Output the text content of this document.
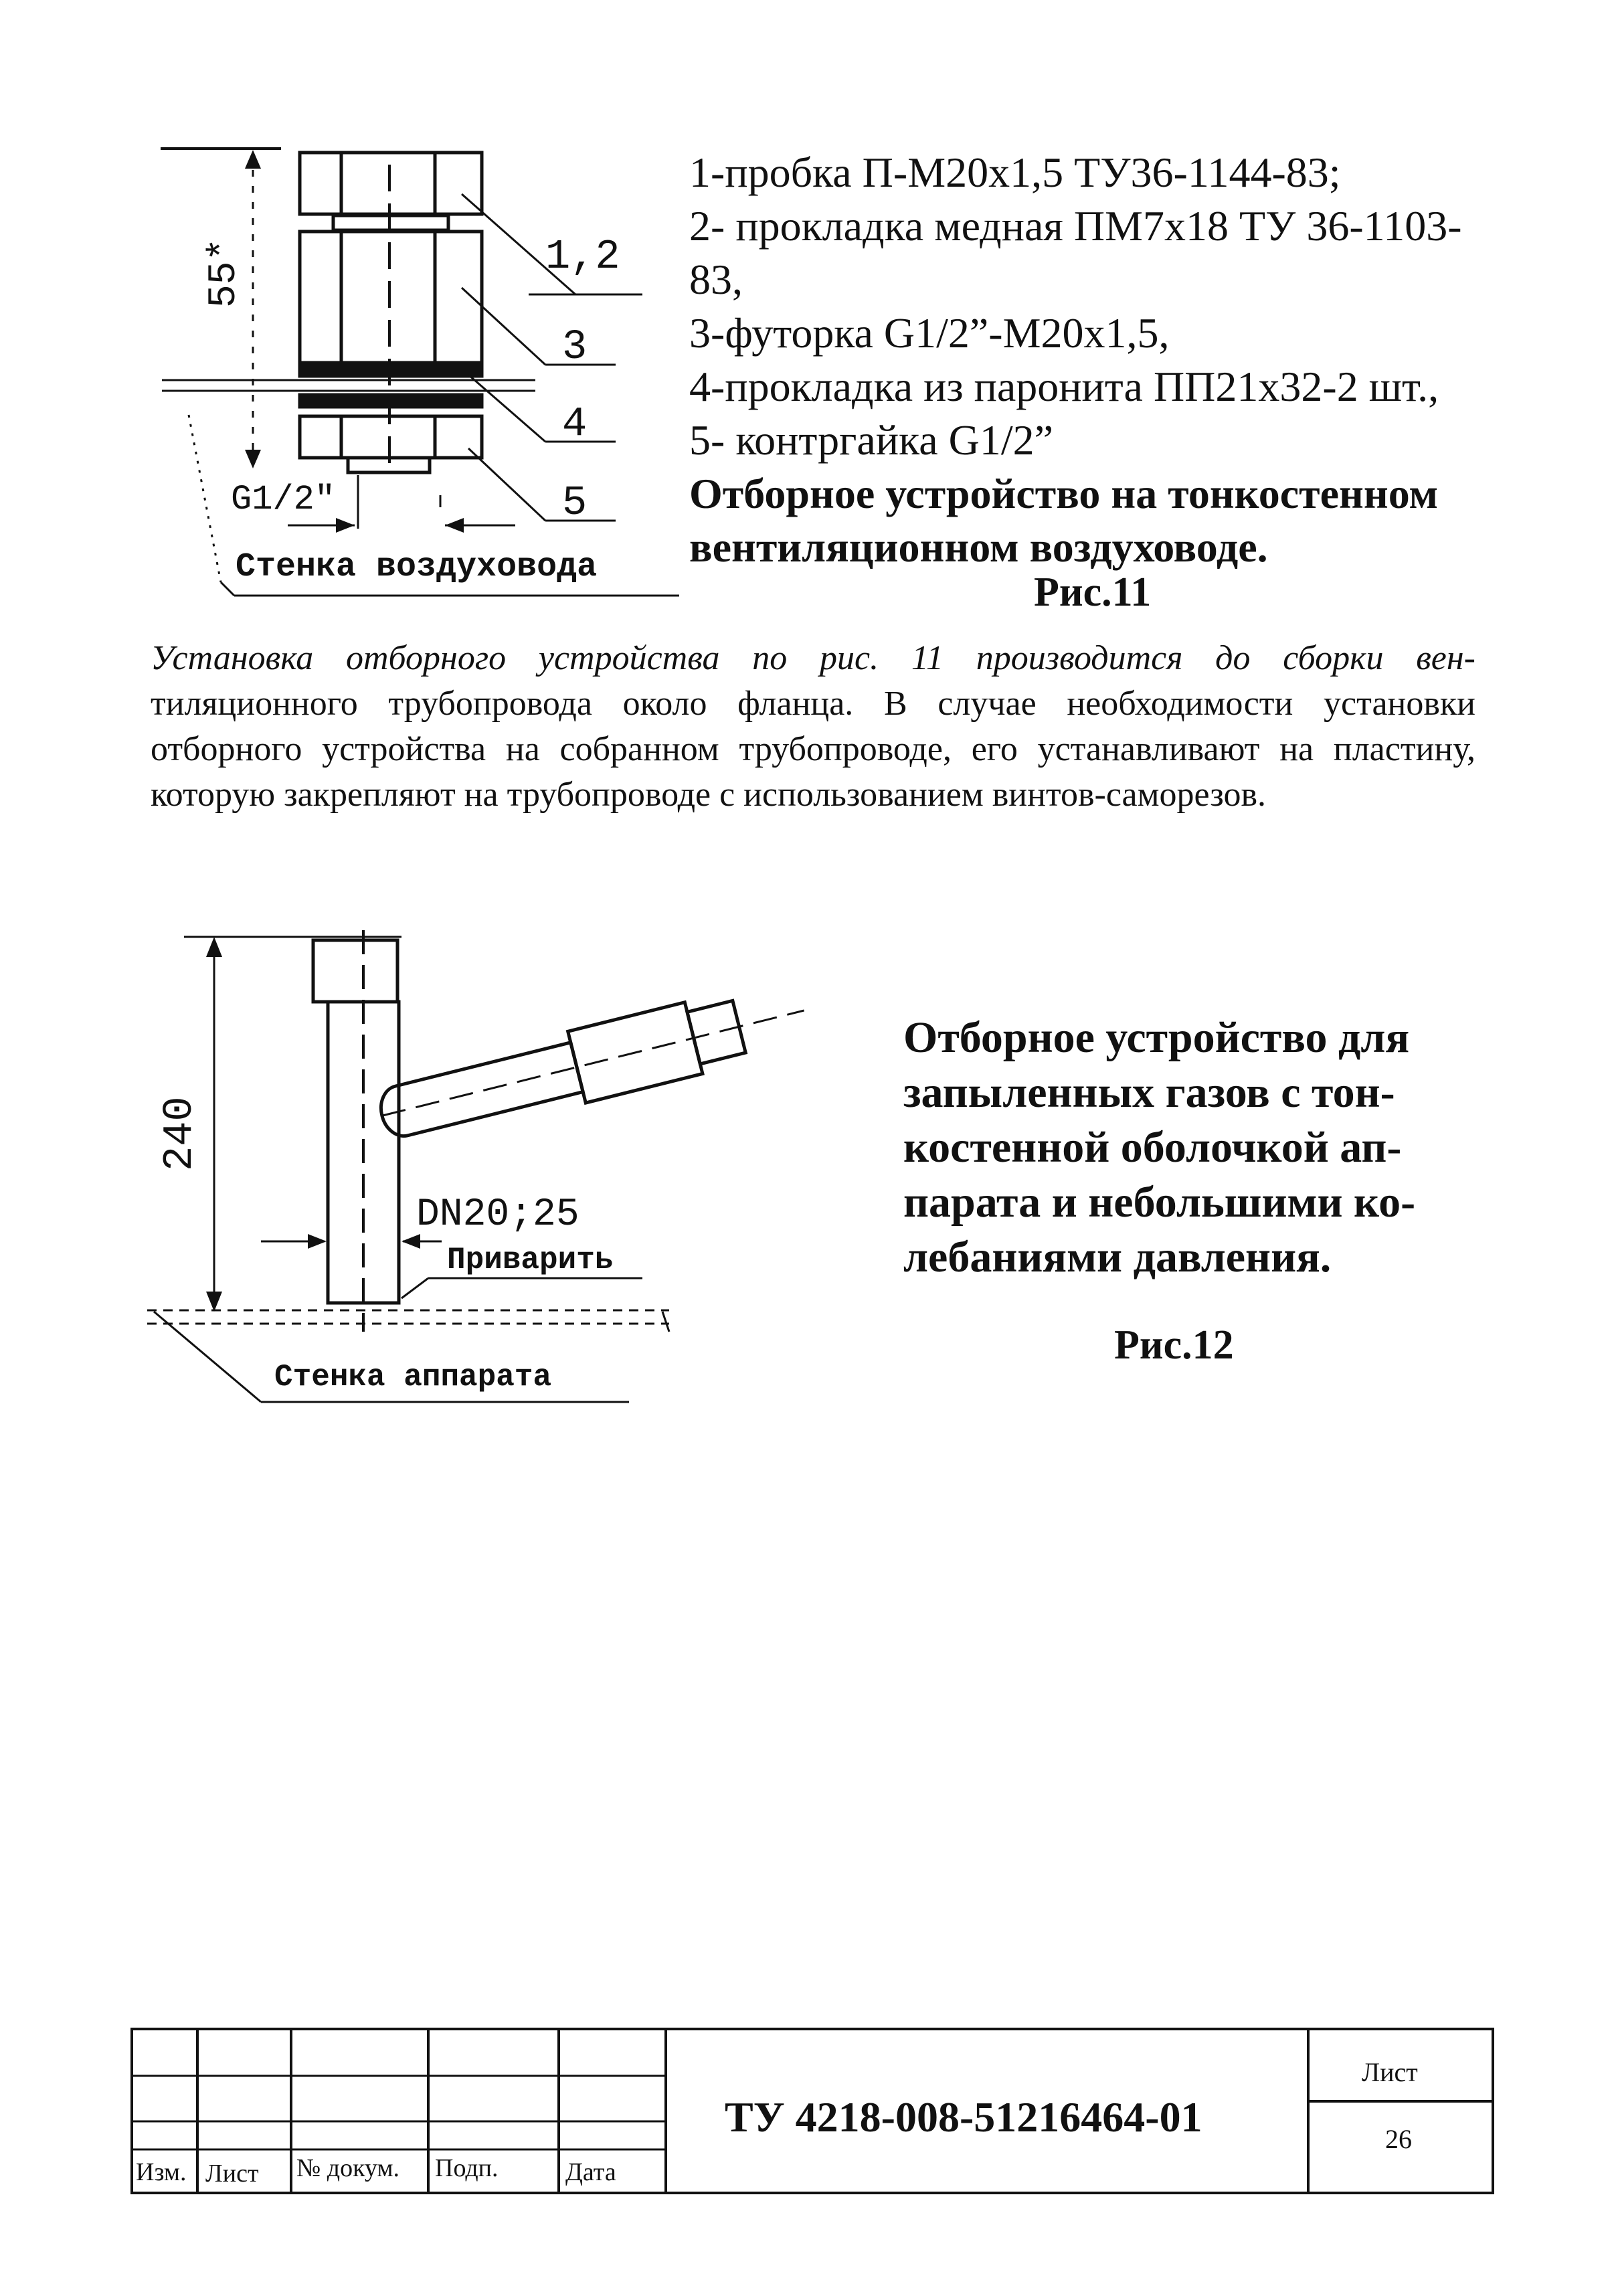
55*	1,2
3
4
5
G1/2"
Стенка воздуховода
1-пробка П-М20х1,5 ТУ36-1144-83;
2- прокладка медная ПМ7х18 ТУ 36-1103-
83,
3-футорка G1/2”-М20х1,5,
4-прокладка из паронита ПП21х32-2 шт.,
5- контргайка G1/2”
Отборное устройство на тонкостенном
вентиляционном воздуховоде.
Рис.11
Установка отборного устройства по рис. 11 производится до сборки вен- тиляционного трубопровода около фланца. В случае необходимости установки отборного устройства на собранном трубопроводе, его устанавливают на пластину, которую закрепляют на трубопроводе с использованием винтов-саморезов.
240
DN20;25
Приварить
Стенка аппарата
Отборное устройство для
запыленных газов с тон-
костенной оболочкой ап-
парата и небольшими ко-
лебаниями давления.
Рис.12
Изм. Лист № докум. Подп.	Дата
ТУ 4218-008-51216464-01
Лист
26
